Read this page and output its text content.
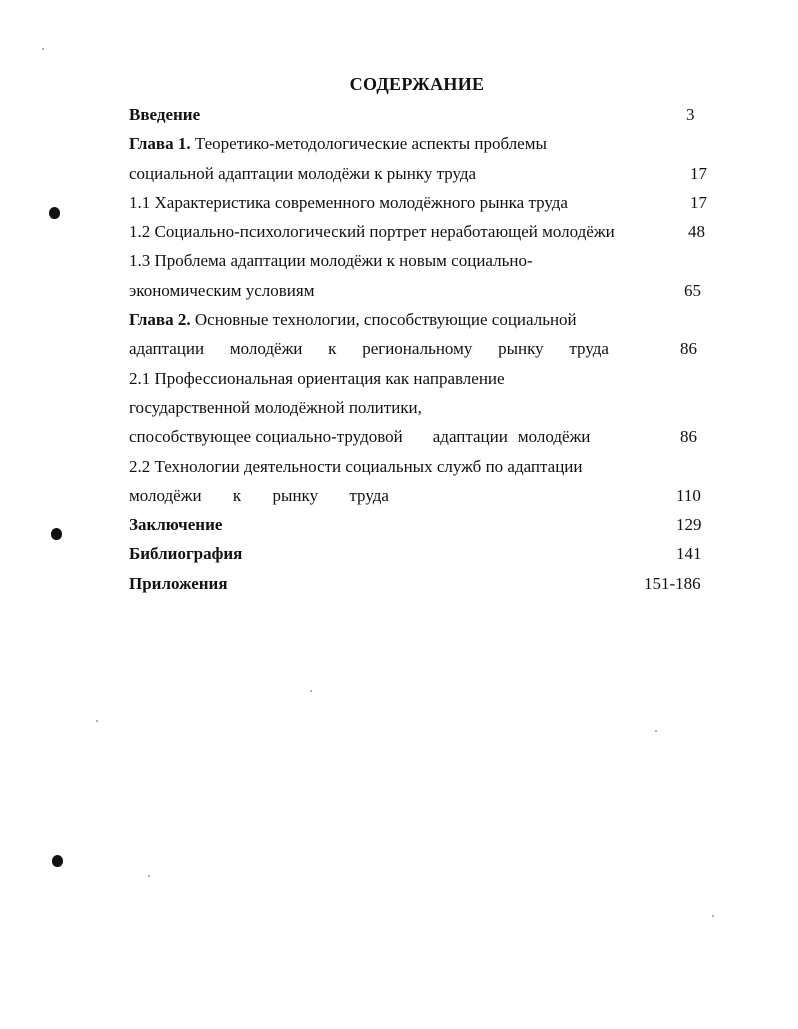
СОДЕРЖАНИЕ
Введение	3
Глава 1. Теоретико-методологические аспекты проблемы
социальной адаптации молодёжи к рынку труда	17
1.1 Характеристика современного молодёжного рынка труда	17
1.2 Социально-психологический портрет неработающей молодёжи	48
1.3 Проблема адаптации молодёжи к новым социально-
экономическим условиям	65
Глава 2. Основные технологии, способствующие социальной
адаптации молодёжи к региональному рынку труда	86
2.1 Профессиональная ориентация как направление
государственной молодёжной политики,
способствующее социально-трудовой адаптации молодёжи	86
2.2 Технологии деятельности социальных служб по адаптации
молодёжи к рынку труда	110
Заключение	129
Библиография	141
Приложения	151-186
